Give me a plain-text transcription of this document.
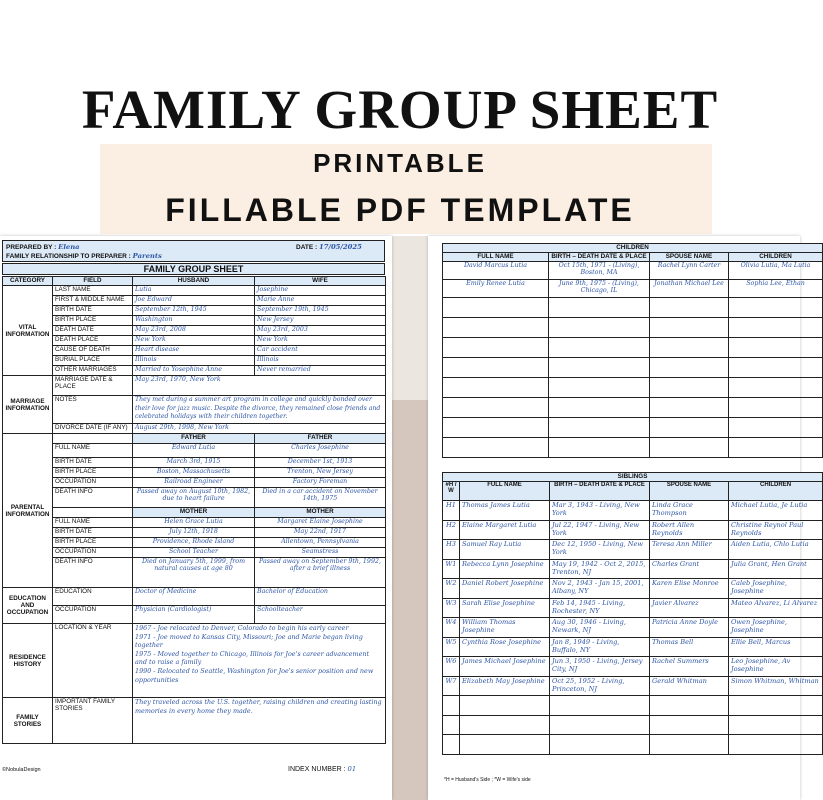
FAMILY GROUP SHEET
PRINTABLE
FILLABLE PDF TEMPLATE
PREPARED BY : Elena
FAMILY RELATIONSHIP TO PREPARER : Parents
DATE : 17/05/2025
FAMILY GROUP SHEET
CATEGORY	FIELD	HUSBAND	WIFE
VITAL INFORMATION	LAST NAME	Lutia	Josephine
	FIRST & MIDDLE NAME	Joe Edward	Marie Anne
	BIRTH DATE	September 12th, 1945	September 19th, 1945
	BIRTH PLACE	Washington	New Jersey
	DEATH DATE	May 23rd, 2008	May 23rd, 2003
	DEATH PLACE	New York	New York
	CAUSE OF DEATH	Heart disease	Car accident
	BURIAL PLACE	Illinois	Illinois
	OTHER MARRIAGES	Married to Yosephine Anne	Never remarried
MARRIAGE INFORMATION	MARRIAGE DATE & PLACE	May 23rd, 1970, New York	
	NOTES	They met during a summer art program in college and quickly bonded over their love for jazz music. Despite the divorce, they remained close friends and celebrated holidays with their children together.	
	DIVORCE DATE (IF ANY)	August 29th, 1998, New York	
PARENTAL INFORMATION		FATHER	FATHER
	FULL NAME	Edward Lutia	Charles Josephine
	BIRTH DATE	March 3rd, 1915	December 1st, 1913
	BIRTH PLACE	Boston, Massachusetts	Trenton, New Jersey
	OCCUPATION	Railroad Engineer	Factory Foreman
	DEATH INFO	Passed away on August 10th, 1982, due to heart failure	Died in a car accident on November 14th, 1975
		MOTHER	MOTHER
	FULL NAME	Helen Grace Lutia	Margaret Elaine Josephine
	BIRTH DATE	July 12th, 1918	May 22nd, 1917
	BIRTH PLACE	Providence, Rhode Island	Allentown, Pennsylvania
	OCCUPATION	School Teacher	Seamstress
	DEATH INFO	Died on January 5th, 1999, from natural causes at age 80	Passed away on September 9th, 1992, after a brief illness
EDUCATION AND OCCUPATION	EDUCATION	Doctor of Medicine	Bachelor of Education
	OCCUPATION	Physician (Cardiologist)	Schoolteacher
RESIDENCE HISTORY	LOCATION & YEAR	1967 - Joe relocated to Denver, Colorado to begin his early career
1971 - Joe moved to Kansas City, Missouri; Joe and Marie began living together
1975 - Moved together to Chicago, Illinois for Joe's career advancement and to raise a family
1990 - Relocated to Seattle, Washington for Joe's senior position and new opportunities	

FAMILY STORIES	IMPORTANT FAMILY STORIES	They traveled across the U.S. together, raising children and creating lasting memories in every home they made.	
©NobulaDesign	INDEX NUMBER : 01
CHILDREN			
FULL NAME	BIRTH – DEATH DATE & PLACE	SPOUSE NAME	CHILDREN
David Marcus Lutia	Oct 15th, 1971 - (Living), Boston, MA	Rachel Lynn Carter	Olivia Lutia, Ma Lutia
Emily Renee Lutia	June 9th, 1975 - (Living), Chicago, IL	Jonathan Michael Lee	Sophia Lee, Ethan

SIBLINGS				
#H / W	FULL NAME	BIRTH – DEATH DATE & PLACE	SPOUSE NAME	CHILDREN
H1	Thomas James Lutia	Mar 3, 1943 - Living, New York	Linda Grace Thompson	Michael Lutia, Je Lutia
H2	Elaine Margaret Lutia	Jul 22, 1947 - Living, New York	Robert Allen Reynolds	Christine Reynol Paul Reynolds
H3	Samuel Ray Lutia	Dec 12, 1950 - Living, New York	Teresa Ann Miller	Aiden Lutia, Chlo Lutia
W1	Rebecca Lynn Josephine	May 19, 1942 - Oct 2, 2015, Trenton, NJ	Charles Grant	Julia Grant, Hen Grant
W2	Daniel Robert Josephine	Nov 2, 1943 - Jan 15, 2001, Albany, NY	Karen Elise Monroe	Caleb Josephine, Josephine
W3	Sarah Elise Josephine	Feb 14, 1945 - Living, Rochester, NY	Javier Alvarez	Mateo Alvarez, Li Alvarez
W4	William Thomas Josephine	Aug 30, 1946 - Living, Newark, NJ	Patricia Anne Doyle	Owen Josephine, Josephine
W5	Cynthia Rose Josephine	Jan 8, 1949 - Living, Buffalo, NY	Thomas Bell	Ellie Bell, Marcus
W6	James Michael Josephine	Jun 3, 1950 - Living, Jersey City, NJ	Rachel Summers	Leo Josephine, Av Josephine
W7	Elizabeth May Josephine	Oct 25, 1952 - Living, Princeton, NJ	Gerald Whitman	Simon Whitman, Whitman

*H = Husband's Side ; *W = Wife's side
